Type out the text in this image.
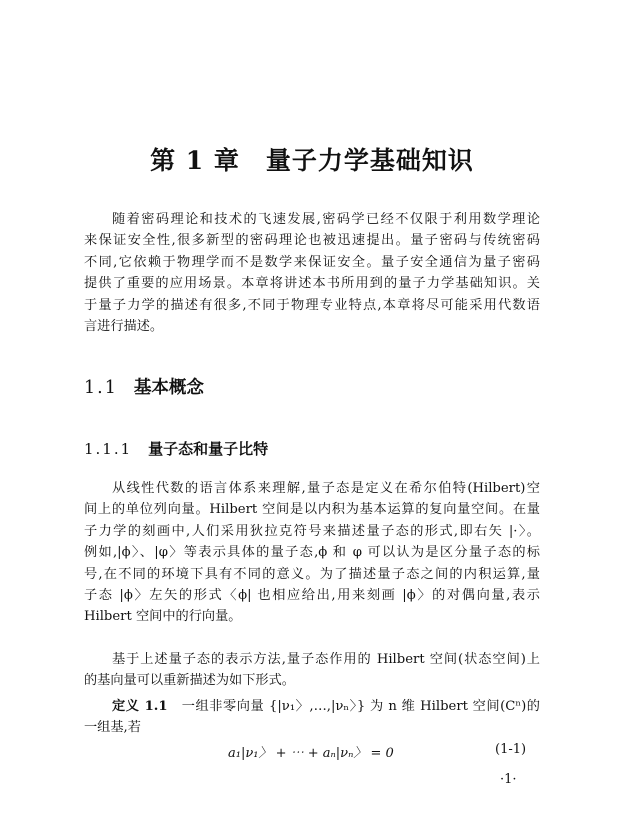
第 1 章 量子力学基础知识
随着密码理论和技术的飞速发展,密码学已经不仅限于利用数学理论
来保证安全性,很多新型的密码理论也被迅速提出。量子密码与传统密码
不同,它依赖于物理学而不是数学来保证安全。量子安全通信为量子密码
提供了重要的应用场景。本章将讲述本书所用到的量子力学基础知识。关
于量子力学的描述有很多,不同于物理专业特点,本章将尽可能采用代数语
言进行描述。
1.1 基本概念
1.1.1 量子态和量子比特
从线性代数的语言体系来理解,量子态是定义在希尔伯特(Hilbert)空
间上的单位列向量。Hilbert 空间是以内积为基本运算的复向量空间。在量
子力学的刻画中,人们采用狄拉克符号来描述量子态的形式,即右矢 |·〉。
例如,|ϕ〉、|φ〉等表示具体的量子态,ϕ 和 φ 可以认为是区分量子态的标
号,在不同的环境下具有不同的意义。为了描述量子态之间的内积运算,量
子态 |ϕ〉左矢的形式〈ϕ| 也相应给出,用来刻画 |ϕ〉的对偶向量,表示
Hilbert 空间中的行向量。
基于上述量子态的表示方法,量子态作用的 Hilbert 空间(状态空间)上
的基向量可以重新描述为如下形式。
定义 1.1 一组非零向量 {|ν₁〉,…,|νₙ〉} 为 n 维 Hilbert 空间(Cⁿ)的
一组基,若
a₁|ν₁〉 + ⋯ + aₙ|νₙ〉 = 0	(1-1)
·1·
